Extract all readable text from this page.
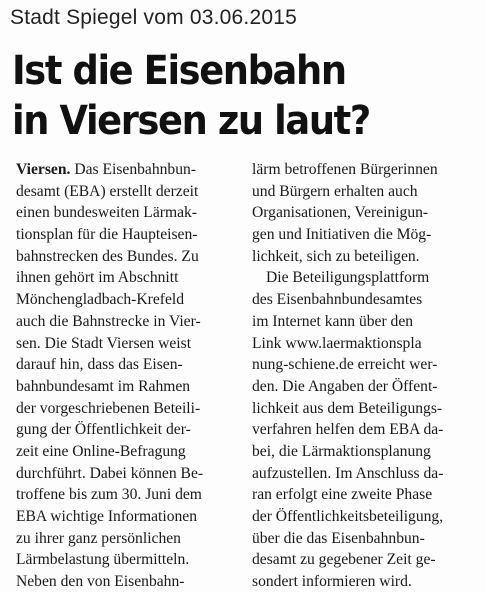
Stadt Spiegel vom 03.06.2015
Ist die Eisenbahn
in Viersen zu laut?
Viersen. Das Eisenbahnbun-
desamt (EBA) erstellt derzeit
einen bundesweiten Lärmak-
tionsplan für die Haupteisen-
bahnstrecken des Bundes. Zu
ihnen gehört im Abschnitt
Mönchengladbach-Krefeld
auch die Bahnstrecke in Vier-
sen. Die Stadt Viersen weist
darauf hin, dass das Eisen-
bahnbundesamt im Rahmen
der vorgeschriebenen Beteili-
gung der Öffentlichkeit der-
zeit eine Online-Befragung
durchführt. Dabei können Be-
troffene bis zum 30. Juni dem
EBA wichtige Informationen
zu ihrer ganz persönlichen
Lärmbelastung übermitteln.
Neben den von Eisenbahn-
lärm betroffenen Bürgerinnen
und Bürgern erhalten auch
Organisationen, Vereinigun-
gen und Initiativen die Mög-
lichkeit, sich zu beteiligen.
Die Beteiligungsplattform
des Eisenbahnbundesamtes
im Internet kann über den
Link www.laermaktionspla
nung-schiene.de erreicht wer-
den. Die Angaben der Öffent-
lichkeit aus dem Beteiligungs-
verfahren helfen dem EBA da-
bei, die Lärmaktionsplanung
aufzustellen. Im Anschluss da-
ran erfolgt eine zweite Phase
der Öffentlichkeitsbeteiligung,
über die das Eisenbahnbun-
desamt zu gegebener Zeit ge-
sondert informieren wird.
